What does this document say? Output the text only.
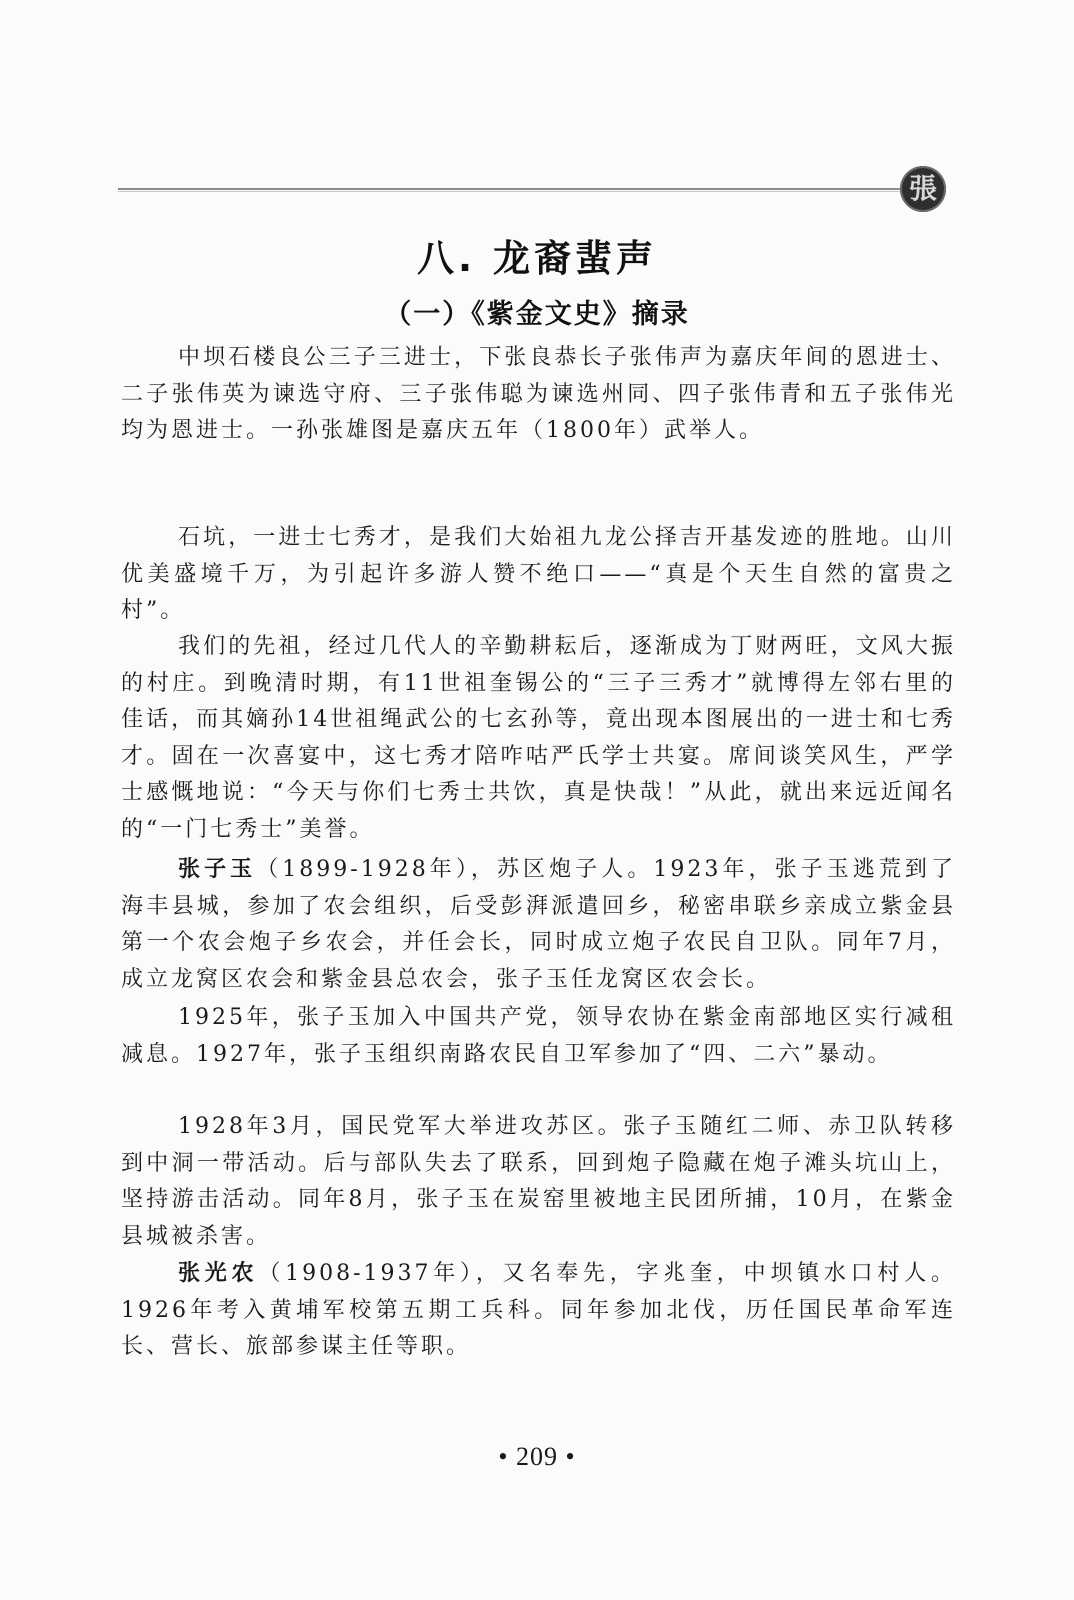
張
八. 龙裔蜚声
（一）《紫金文史》摘录

中坝石楼良公三子三进士，下张良恭长子张伟声为嘉庆年间的恩进士、二子张伟英为谏选守府、三子张伟聪为谏选州同、四子张伟青和五子张伟光均为恩进士。一孙张雄图是嘉庆五年（1800年）武举人。

石坑，一进士七秀才，是我们大始祖九龙公择吉开基发迹的胜地。山川优美盛境千万，为引起许多游人赞不绝口——“真是个天生自然的富贵之村”。

我们的先祖，经过几代人的辛勤耕耘后，逐渐成为丁财两旺，文风大振的村庄。到晚清时期，有11世祖奎锡公的“三子三秀才”就博得左邻右里的佳话，而其嫡孙14世祖绳武公的七玄孙等，竟出现本图展出的一进士和七秀才。固在一次喜宴中，这七秀才陪咋咕严氏学士共宴。席间谈笑风生，严学士感慨地说：“今天与你们七秀士共饮，真是快哉！”从此，就出来远近闻名的“一门七秀士”美誉。

张子玉（1899-1928年），苏区炮子人。1923年，张子玉逃荒到了海丰县城，参加了农会组织，后受彭湃派遣回乡，秘密串联乡亲成立紫金县第一个农会炮子乡农会，并任会长，同时成立炮子农民自卫队。同年7月，成立龙窝区农会和紫金县总农会，张子玉任龙窝区农会长。

1925年，张子玉加入中国共产党，领导农协在紫金南部地区实行减租减息。1927年，张子玉组织南路农民自卫军参加了“四、二六”暴动。

1928年3月，国民党军大举进攻苏区。张子玉随红二师、赤卫队转移到中洞一带活动。后与部队失去了联系，回到炮子隐藏在炮子滩头坑山上，坚持游击活动。同年8月，张子玉在炭窑里被地主民团所捕，10月，在紫金县城被杀害。

张光农（1908-1937年），又名奉先，字兆奎，中坝镇水口村人。1926年考入黄埔军校第五期工兵科。同年参加北伐，历任国民革命军连长、营长、旅部参谋主任等职。

• 209 •
